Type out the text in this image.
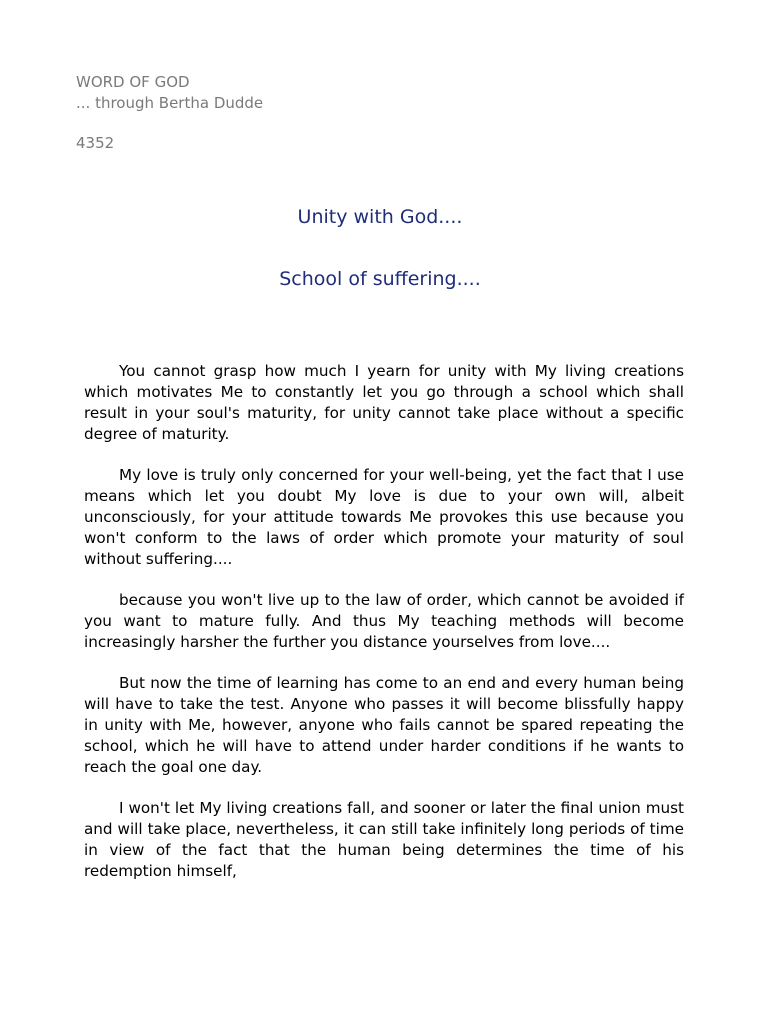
WORD OF GOD
... through Bertha Dudde
4352
Unity with God....
School of suffering....

You cannot grasp how much I yearn for unity with My living creations which motivates Me to constantly let you go through a school which shall result in your soul's maturity, for unity cannot take place without a specific degree of maturity.

My love is truly only concerned for your well-being, yet the fact that I use means which let you doubt My love is due to your own will, albeit unconsciously, for your attitude towards Me provokes this use because you won't conform to the laws of order which promote your maturity of soul without suffering....

because you won't live up to the law of order, which cannot be avoided if you want to mature fully. And thus My teaching methods will become increasingly harsher the further you distance yourselves from love....

But now the time of learning has come to an end and every human being will have to take the test. Anyone who passes it will become blissfully happy in unity with Me, however, anyone who fails cannot be spared repeating the school, which he will have to attend under harder conditions if he wants to reach the goal one day.

I won't let My living creations fall, and sooner or later the final union must and will take place, nevertheless, it can still take infinitely long periods of time in view of the fact that the human being determines the time of his redemption himself,
